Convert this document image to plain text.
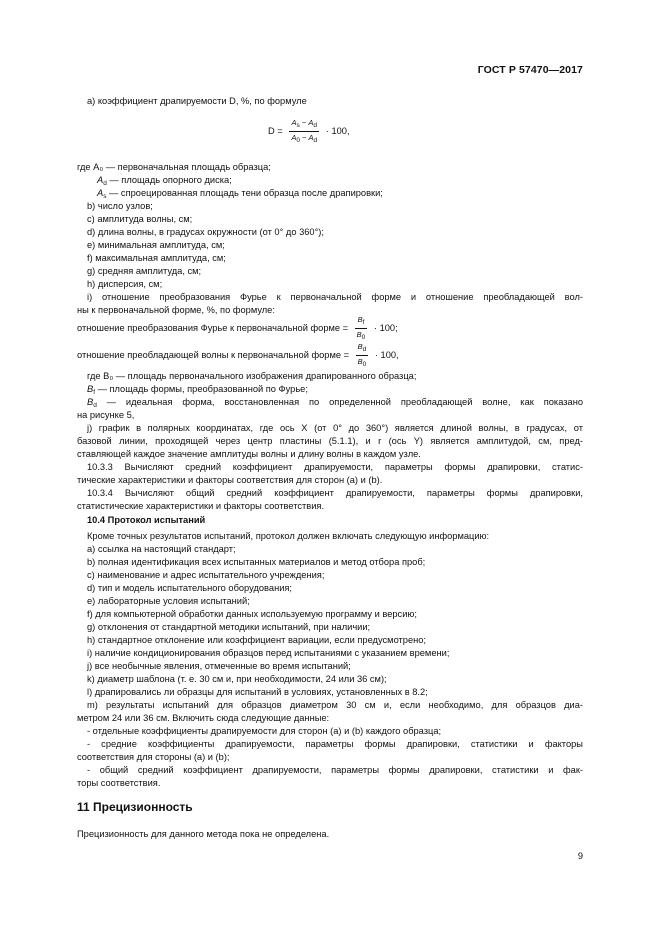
ГОСТ Р 57470—2017
а) коэффициент драпируемости D, %, по формуле
$D = \frac{As - Ad}{A0 - Ad} \cdot 100$,
где A₀ — первоначальная площадь образца;
$A_d$ — площадь опорного диска;
$A_s$ — спроецированная площадь тени образца после драпировки;
b) число узлов;
c) амплитуда волны, см;
d) длина волны, в градусах окружности (от 0° до 360°);
e) минимальная амплитуда, см;
f) максимальная амплитуда, см;
g) средняя амплитуда, см;
h) дисперсия, см;
i) отношение преобразования Фурье к первоначальной форме и отношение преобладающей вол-
ны к первоначальной форме, %, по формуле:
отношение преобразования Фурье к первоначальной форме = $\frac{Bf}{B0} \cdot 100$;
отношение преобладающей волны к первоначальной форме = $\frac{Bd}{B0} \cdot 100$,
где B₀ — площадь первоначального изображения драпированного образца;
$B_f$ — площадь формы, преобразованной по Фурье;
$B_d$ — идеальная форма, восстановленная по определенной преобладающей волне, как показано
на рисунке 5,
j) график в полярных координатах, где ось X (от 0° до 360°) является длиной волны, в градусах, от
базовой линии, проходящей через центр пластины (5.1.1), и r (ось Y) является амплитудой, см, пред-
ставляющей каждое значение амплитуды волны и длину волны в каждом узле.
10.3.3 Вычисляют средний коэффициент драпируемости, параметры формы драпировки, статис-
тические характеристики и факторы соответствия для сторон (a) и (b).
10.3.4 Вычисляют общий средний коэффициент драпируемости, параметры формы драпировки,
статистические характеристики и факторы соответствия.
10.4 Протокол испытаний
Кроме точных результатов испытаний, протокол должен включать следующую информацию:
а) ссылка на настоящий стандарт;
b) полная идентификация всех испытанных материалов и метод отбора проб;
c) наименование и адрес испытательного учреждения;
d) тип и модель испытательного оборудования;
e) лабораторные условия испытаний;
f) для компьютерной обработки данных используемую программу и версию;
g) отклонения от стандартной методики испытаний, при наличии;
h) стандартное отклонение или коэффициент вариации, если предусмотрено;
i) наличие кондиционирования образцов перед испытаниями с указанием времени;
j) все необычные явления, отмеченные во время испытаний;
k) диаметр шаблона (т. е. 30 см и, при необходимости, 24 или 36 см);
l) драпировались ли образцы для испытаний в условиях, установленных в 8.2;
m) результаты испытаний для образцов диаметром 30 см и, если необходимо, для образцов диа-
метром 24 или 36 см. Включить сюда следующие данные:
- отдельные коэффициенты драпируемости для сторон (a) и (b) каждого образца;
- средние коэффициенты драпируемости, параметры формы драпировки, статистики и факторы
соответствия для стороны (a) и (b);
- общий средний коэффициент драпируемости, параметры формы драпировки, статистики и фак-
торы соответствия.
11 Прецизионность
Прецизионность для данного метода пока не определена.
9
